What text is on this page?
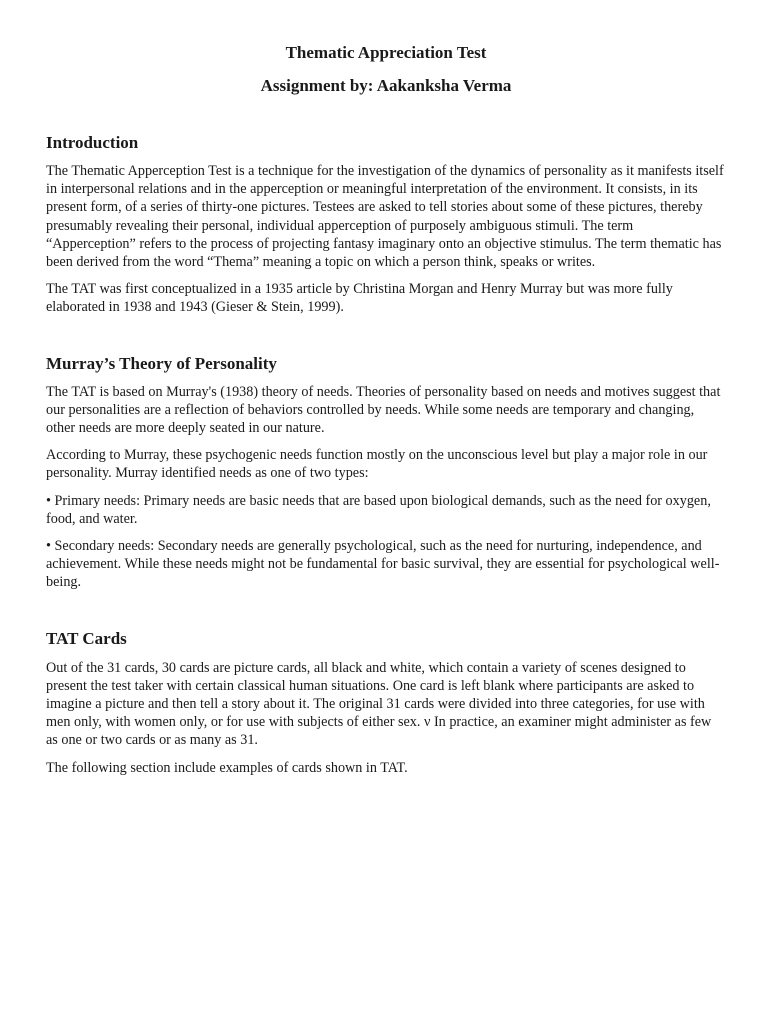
Thematic Appreciation Test

Assignment by: Aakanksha Verma

Introduction

The Thematic Apperception Test is a technique for the investigation of the dynamics of personality as it manifests itself in interpersonal relations and in the apperception or meaningful interpretation of the environment. It consists, in its present form, of a series of thirty-one pictures. Testees are asked to tell stories about some of these pictures, thereby presumably revealing their personal, individual apperception of purposely ambiguous stimuli. The term “Apperception” refers to the process of projecting fantasy imaginary onto an objective stimulus. The term thematic has been derived from the word “Thema” meaning a topic on which a person think, speaks or writes.

The TAT was first conceptualized in a 1935 article by Christina Morgan and Henry Murray but was more fully elaborated in 1938 and 1943 (Gieser & Stein, 1999).

Murray’s Theory of Personality

The TAT is based on Murray's (1938) theory of needs. Theories of personality based on needs and motives suggest that our personalities are a reflection of behaviors controlled by needs. While some needs are temporary and changing, other needs are more deeply seated in our nature.

According to Murray, these psychogenic needs function mostly on the unconscious level but play a major role in our personality. Murray identified needs as one of two types:

• Primary needs: Primary needs are basic needs that are based upon biological demands, such as the need for oxygen, food, and water.

• Secondary needs: Secondary needs are generally psychological, such as the need for nurturing, independence, and achievement. While these needs might not be fundamental for basic survival, they are essential for psychological well-being.

TAT Cards

Out of the 31 cards, 30 cards are picture cards, all black and white, which contain a variety of scenes designed to present the test taker with certain classical human situations. One card is left blank where participants are asked to imagine a picture and then tell a story about it. The original 31 cards were divided into three categories, for use with men only, with women only, or for use with subjects of either sex. ν In practice, an examiner might administer as few as one or two cards or as many as 31.

The following section include examples of cards shown in TAT.
